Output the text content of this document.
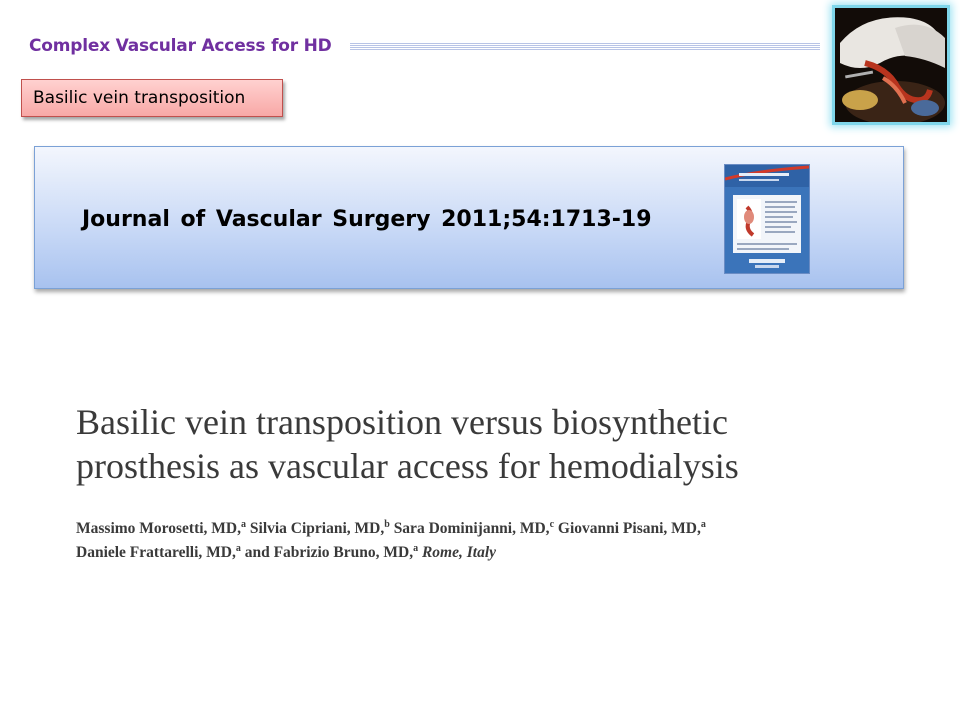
Complex Vascular Access for HD
Basilic vein transposition
Journal of Vascular Surgery 2011;54:1713-19
Basilic vein transposition versus biosynthetic
prosthesis as vascular access for hemodialysis
Massimo Morosetti, MD,$^a$ Silvia Cipriani, MD,$^b$ Sara Dominijanni, MD,$^c$ Giovanni Pisani, MD,$^a$
Daniele Frattarelli, MD,$^a$ and Fabrizio Bruno, MD,$^a$ Rome, Italy
